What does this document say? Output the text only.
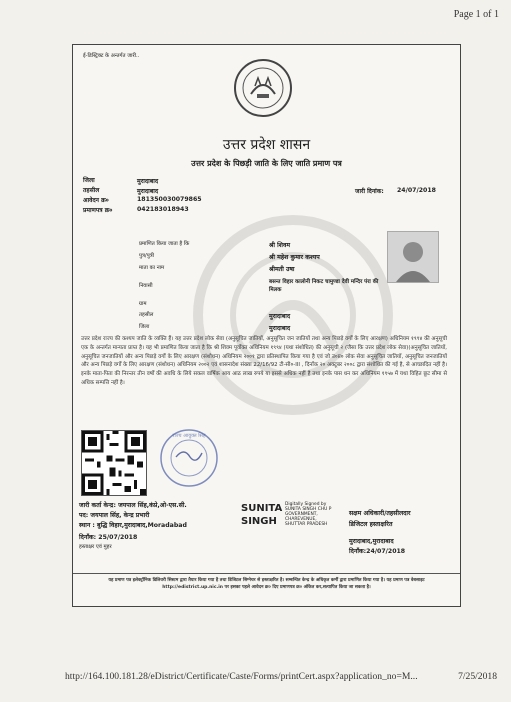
Page 1 of 1
ई-डिस्ट्रिक्ट के अन्तर्गत जारी..
उत्तर प्रदेश शासन
उत्तर प्रदेश के पिछड़ी जाति के लिए जाति प्रमाण पत्र
जिला	मुरादाबाद
तहसील	मुरादाबाद
आवेदन क्र०	181350030079865
प्रमाणपत्र क्र०	042183018943
जारी दिनांक: 24/07/2018
प्रमाणित किया जाता है कि	श्री शिवम
पुत्र/पुत्री	श्री महेश कुमार कश्यप
माता का नाम	श्रीमती उषा
निवासी
बसन्त विहार कालोनी निकट चामुण्डा देवी मन्दिर पंरा की मिलक
ग्राम
तहसील	मुरादाबाद
जिला	मुरादाबाद
उत्तर प्रदेश राज्य की कश्यप जाति के व्यक्ति हैं। यह उत्तर प्रदेश लोक सेवा (अनुसूचित जातियों, अनुसूचित जन जातियों तथा अन्य पिछड़े वर्गों के लिए आरक्षण) अधिनियम १९९४ की अनुसूची एक के अन्तर्गत मान्यता प्राप्त है। यह भी प्रमाणित किया जाता है कि श्री शिवम पूर्वोक्त अधिनियम १९९४ (यथा संशोधित) की अनुसूची २ (जैसा कि उत्तर प्रदेश लोक सेवा)(अनुसूचित जातियों, अनुसूचित जनजातियों और अन्य पिछड़े वर्गों के लिए आरक्षण (संशोधन) अधिनियम २००१ द्वारा प्रतिस्थापित किया गया है एवं जो उ०प्र० लोक सेवा अनुसूचित जातियों, अनुसूचित जनजातियों और अन्य पिछड़े वर्गों के लिए आरक्षण (संशोधन) अधिनियम २००२ एवं शासनादेश संख्या 22/16/92 टी-सी०-III , दिनाँक २० अक्टूबर २००८ द्वारा संशोधित की गई है, से आच्छादित नहीं है। इनके माता-पिता की निरन्तर तीन वर्षों की अवधि के लिये सकल वार्षिक आय आठ लाख रुपये या इससे अधिक नहीं है तथा इनके पास धन कर अधिनियम १९५७ में यथा विहित छूट सीमा से अधिक सम्पत्ति नहीं है।
राज्य आयुक्त सिंह
जारी कर्ता केन्द्र: जयपाल सिंह,कंप्रे,ओ-एस.सी.
पद: जयपाल सिंह, केन्द्र प्रभारी
स्थान : बुद्धि विहार,मुरादाबाद,Moradabad
दिनाँक: 25/07/2018
हस्ताक्षर एवं मुहर
SUNITA
SINGH
Digitally Signed by
SUNITA SINGH CHU P
GOVERNMENT,
CHAREVENUE,
SHUTTAR PRADESH
सक्षम अधिकारी/तहसीलदार
डिजिटल हस्ताक्षरित
मुरादाबाद,मुरादाबाद
दिनाँक:24/07/2018
यह प्रमाण पत्र इलेक्ट्रॉनिक डिलिवरी सिस्टम द्वारा तैयार किया गया है तथा डिजिटल सिग्नेचर से हस्ताक्षरित है। सम्बन्धित केन्द्र के अधिकृत कर्मी द्वारा प्रमाणित किया गया है। यह प्रमाण पत्र वेबसाइट http://edistrict.up.nic.in पर इसका पहले आवेदन क्र० दिए प्रमाणपत्र क्र० अंकित कर,सत्यापित किया जा सकता है।
http://164.100.181.28/eDistrict/Certificate/Caste/Forms/printCert.aspx?application_no=M...	7/25/2018
